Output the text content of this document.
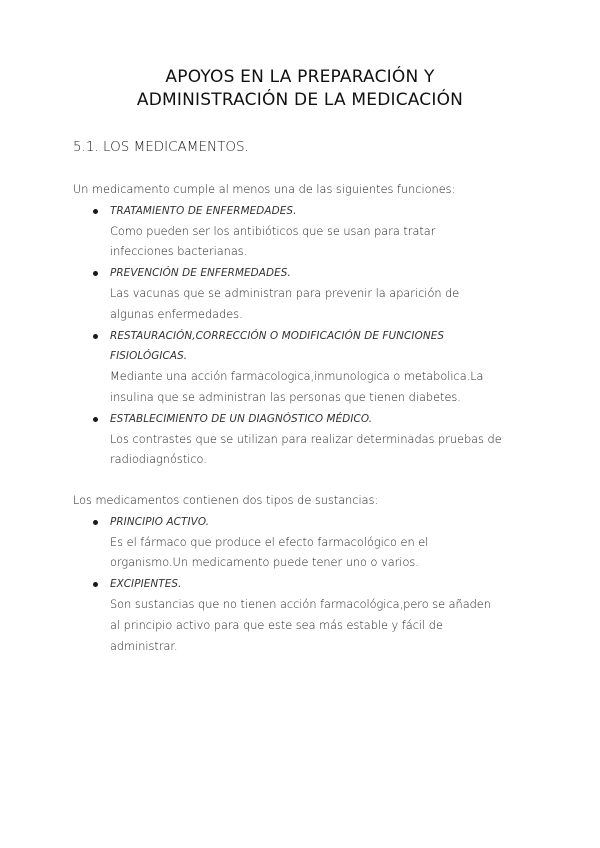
APOYOS EN LA PREPARACIÓN Y
ADMINISTRACIÓN DE LA MEDICACIÓN
5.1. LOS MEDICAMENTOS.

Un medicamento cumple al menos una de las siguientes funciones:

TRATAMIENTO DE ENFERMEDADES.
Como pueden ser los antibióticos que se usan para tratar
infecciones bacterianas.
PREVENCIÓN DE ENFERMEDADES.
Las vacunas que se administran para prevenir la aparición de
algunas enfermedades.
RESTAURACIÓN,CORRECCIÓN O MODIFICACIÓN DE FUNCIONES
FISIOLÓGICAS.
Mediante una acción farmacologica,inmunologica o metabolica.La
insulina que se administran las personas que tienen diabetes.
ESTABLECIMIENTO DE UN DIAGNÓSTICO MÉDICO.
Los contrastes que se utilizan para realizar determinadas pruebas de
radiodiagnóstico.

Los medicamentos contienen dos tipos de sustancias:

PRINCIPIO ACTIVO.
Es el fármaco que produce el efecto farmacológico en el
organismo.Un medicamento puede tener uno o varios.
EXCIPIENTES.
Son sustancias que no tienen acción farmacológica,pero se añaden
al principio activo para que este sea más estable y fácil de
administrar.
